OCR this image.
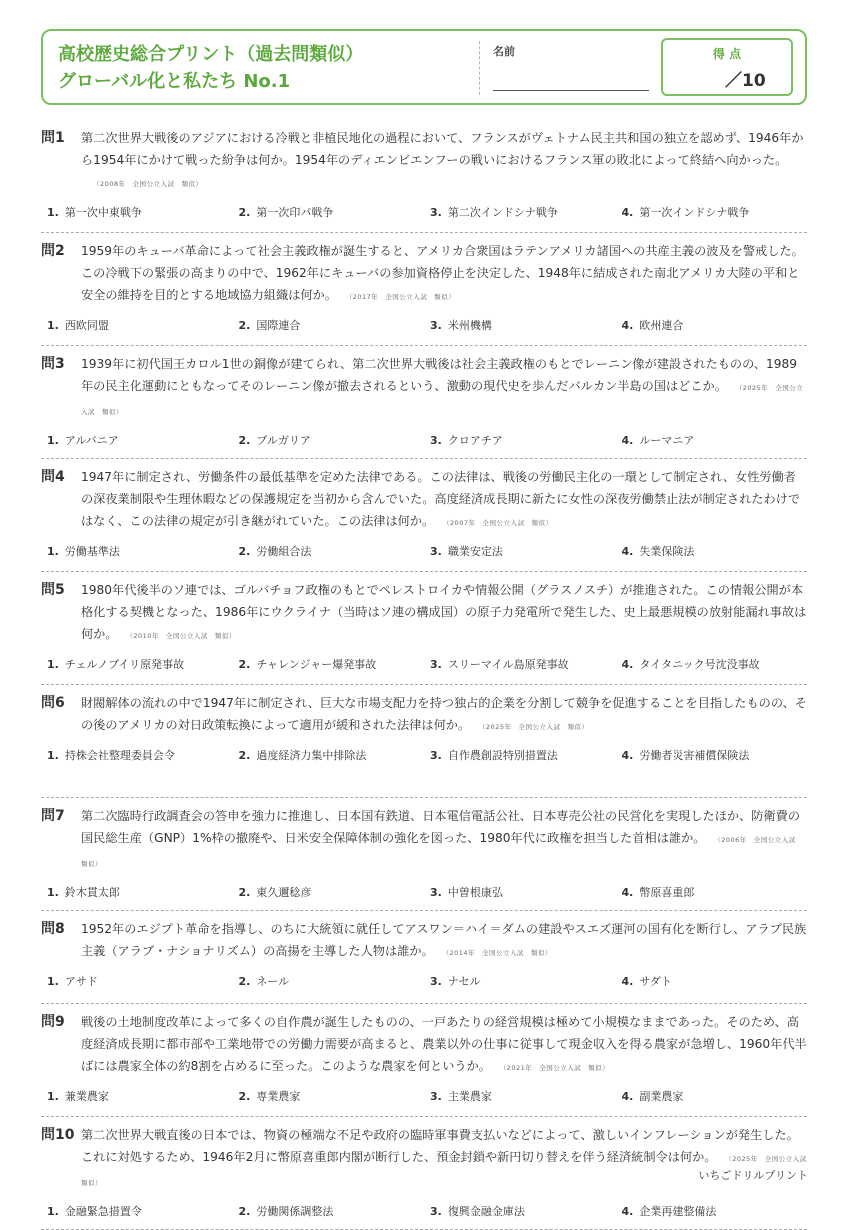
高校歴史総合プリント（過去問類似）
グローバル化と私たち No.1
名前	得 点
／10
問1	第二次世界大戦後のアジアにおける冷戦と非植民地化の過程において、フランスがヴェトナム民主共和国の独立を認めず、1946年から1954年にかけて戦った紛争は何か。1954年のディエンビエンフーの戦いにおけるフランス軍の敗北によって終結へ向かった。（2008年　全国公立入試　類似）
1. 第一次中東戦争	2. 第一次印パ戦争	3. 第二次インドシナ戦争	4. 第一次インドシナ戦争
問2	1959年のキューバ革命によって社会主義政権が誕生すると、アメリカ合衆国はラテンアメリカ諸国への共産主義の波及を警戒した。この冷戦下の緊張の高まりの中で、1962年にキューバの参加資格停止を決定した、1948年に結成された南北アメリカ大陸の平和と安全の維持を目的とする地域協力組織は何か。 （2017年　全国公立入試　類似）
1. 西欧同盟	2. 国際連合	3. 米州機構	4. 欧州連合
問3	1939年に初代国王カロル1世の銅像が建てられ、第二次世界大戦後は社会主義政権のもとでレーニン像が建設されたものの、1989年の民主化運動にともなってそのレーニン像が撤去されるという、激動の現代史を歩んだバルカン半島の国はどこか。 （2025年　全国公立入試　類似）
1. アルバニア	2. ブルガリア	3. クロアチア	4. ルーマニア
問4	1947年に制定され、労働条件の最低基準を定めた法律である。この法律は、戦後の労働民主化の一環として制定され、女性労働者の深夜業制限や生理休暇などの保護規定を当初から含んでいた。高度経済成長期に新たに女性の深夜労働禁止法が制定されたわけではなく、この法律の規定が引き継がれていた。この法律は何か。 （2007年　全国公立入試　類似）
1. 労働基準法	2. 労働組合法	3. 職業安定法	4. 失業保険法
問5	1980年代後半のソ連では、ゴルバチョフ政権のもとでペレストロイカや情報公開（グラスノスチ）が推進された。この情報公開が本格化する契機となった、1986年にウクライナ（当時はソ連の構成国）の原子力発電所で発生した、史上最悪規模の放射能漏れ事故は何か。 （2010年　全国公立入試　類似）
1. チェルノブイリ原発事故	2. チャレンジャー爆発事故	3. スリーマイル島原発事故	4. タイタニック号沈没事故
問6	財閥解体の流れの中で1947年に制定され、巨大な市場支配力を持つ独占的企業を分割して競争を促進することを目指したものの、その後のアメリカの対日政策転換によって適用が緩和された法律は何か。 （2025年　全国公立入試　類似）
1. 持株会社整理委員会令	2. 過度経済力集中排除法	3. 自作農創設特別措置法	4. 労働者災害補償保険法
問7	第二次臨時行政調査会の答申を強力に推進し、日本国有鉄道、日本電信電話公社、日本専売公社の民営化を実現したほか、防衛費の国民総生産（GNP）1%枠の撤廃や、日米安全保障体制の強化を図った、1980年代に政権を担当した首相は誰か。 （2006年　全国公立入試　類似）
1. 鈴木貫太郎	2. 東久邇稔彦	3. 中曽根康弘	4. 幣原喜重郎
問8	1952年のエジプト革命を指導し、のちに大統領に就任してアスワン＝ハイ＝ダムの建設やスエズ運河の国有化を断行し、アラブ民族主義（アラブ・ナショナリズム）の高揚を主導した人物は誰か。 （2014年　全国公立入試　類似）
1. アサド	2. ネール	3. ナセル	4. サダト
問9	戦後の土地制度改革によって多くの自作農が誕生したものの、一戸あたりの経営規模は極めて小規模なままであった。そのため、高度経済成長期に都市部や工業地帯での労働力需要が高まると、農業以外の仕事に従事して現金収入を得る農家が急増し、1960年代半ばには農家全体の約8割を占めるに至った。このような農家を何というか。 （2021年　全国公立入試　類似）
1. 兼業農家	2. 専業農家	3. 主業農家	4. 副業農家
問10 第二次世界大戦直後の日本では、物資の極端な不足や政府の臨時軍事費支払いなどによって、激しいインフレーションが発生した。これに対処するため、1946年2月に幣原喜重郎内閣が断行した、預金封鎖や新円切り替えを伴う経済統制令は何か。 （2025年　全国公立入試　類似）
1. 金融緊急措置令	2. 労働関係調整法	3. 復興金融金庫法	4. 企業再建整備法
いちごドリルプリント
